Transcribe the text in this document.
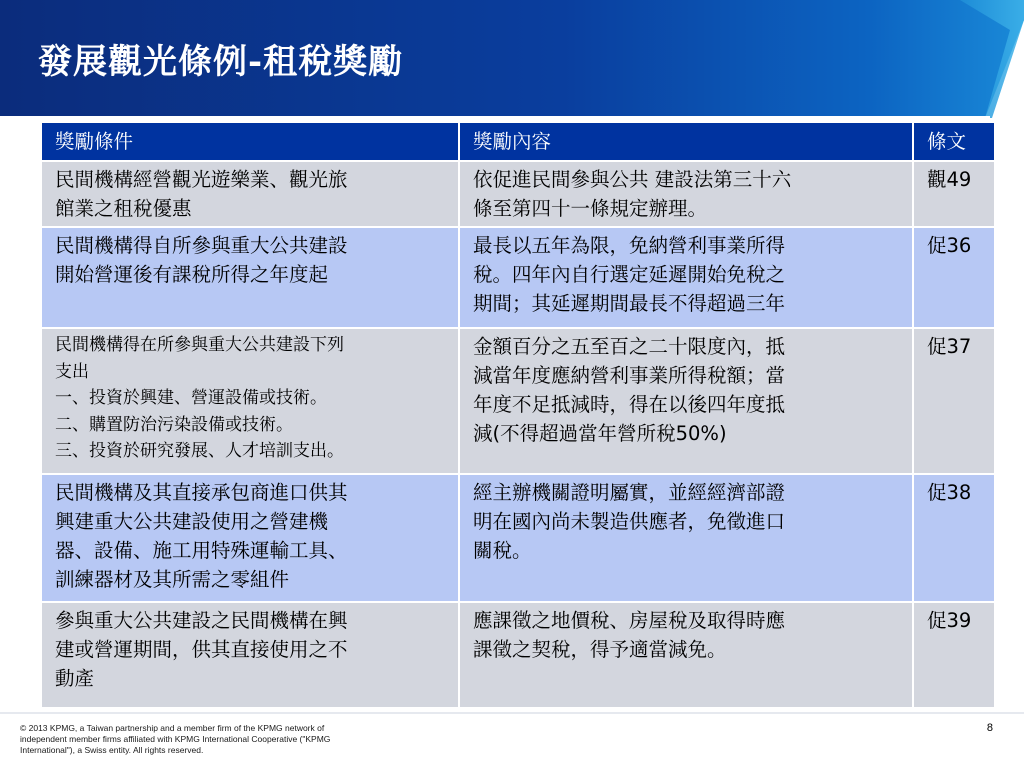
發展觀光條例-租稅獎勵
獎勵條件	獎勵內容	條文

民間機構經營觀光遊樂業、觀光旅
館業之租稅優惠	依促進民間參與公共 建設法第三十六
條至第四十一條規定辦理。	觀49

民間機構得自所參與重大公共建設
開始營運後有課稅所得之年度起	最長以五年為限，免納營利事業所得
稅。四年內自行選定延遲開始免稅之
期間；其延遲期間最長不得超過三年	促36

民間機構得在所參與重大公共建設下列
支出
一、投資於興建、營運設備或技術。
二、購置防治污染設備或技術。
三、投資於研究發展、人才培訓支出。	金額百分之五至百之二十限度內，抵
減當年度應納營利事業所得稅額；當
年度不足抵減時，得在以後四年度抵
減(不得超過當年營所稅50%)	促37

民間機構及其直接承包商進口供其
興建重大公共建設使用之營建機
器、設備、施工用特殊運輸工具、
訓練器材及其所需之零組件	經主辦機關證明屬實，並經經濟部證
明在國內尚未製造供應者，免徵進口
關稅。	促38

參與重大公共建設之民間機構在興
建或營運期間，供其直接使用之不
動產	應課徵之地價稅、房屋稅及取得時應
課徵之契稅，得予適當減免。	促39
© 2013 KPMG, a Taiwan partnership and a member firm of the KPMG network of
independent member firms affiliated with KPMG International Cooperative ("KPMG
International"), a Swiss entity. All rights reserved.
8
